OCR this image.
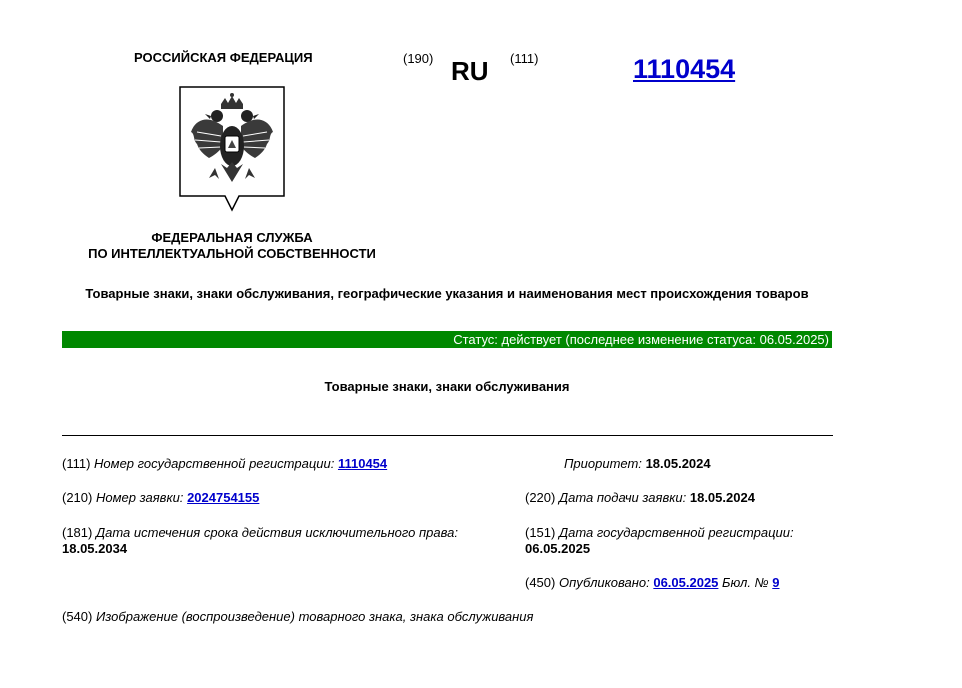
РОССИЙСКАЯ ФЕДЕРАЦИЯ	(190) RU (111)	1110454
ФЕДЕРАЛЬНАЯ СЛУЖБА
ПО ИНТЕЛЛЕКТУАЛЬНОЙ СОБСТВЕННОСТИ
Товарные знаки, знаки обслуживания, географические указания и наименования мест происхождения товаров
Статус: действует (последнее изменение статуса: 06.05.2025)
Товарные знаки, знаки обслуживания
(111) Номер государственной регистрации: 1110454	Приоритет: 18.05.2024
(210) Номер заявки: 2024754155	(220) Дата подачи заявки: 18.05.2024
(181) Дата истечения срока действия исключительного права:
18.05.2034
(151) Дата государственной регистрации:
06.05.2025
(450) Опубликовано: 06.05.2025 Бюл. № 9
(540) Изображение (воспроизведение) товарного знака, знака обслуживания
